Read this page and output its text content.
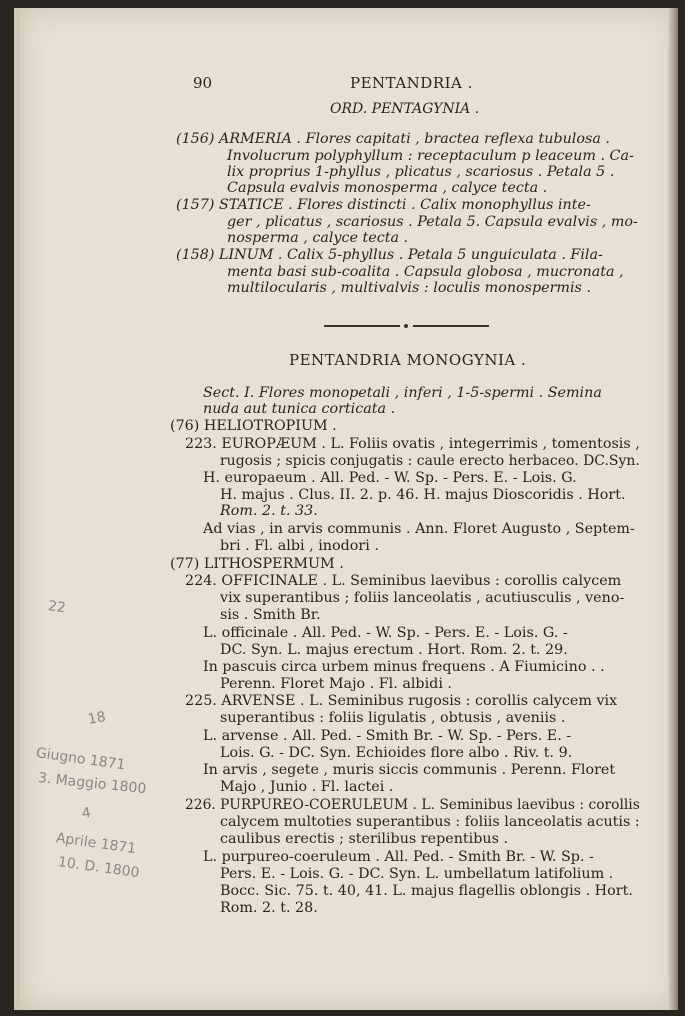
90	PENTANDRIA .
ORD. PENTAGYNIA .
(156) ARMERIA . Flores capitati , bractea reflexa tubulosa .
Involucrum polyphyllum : receptaculum p leaceum . Ca-
lix proprius 1-phyllus , plicatus , scariosus . Petala 5 .
Capsula evalvis monosperma , calyce tecta .
(157) STATICE . Flores distincti . Calix monophyllus inte-
ger , plicatus , scariosus . Petala 5. Capsula evalvis , mo-
nosperma , calyce tecta .
(158) LINUM . Calix 5-phyllus . Petala 5 unguiculata . Fila-
menta basi sub-coalita . Capsula globosa , mucronata ,
multilocularis , multivalvis : loculis monospermis .
PENTANDRIA MONOGYNIA .
Sect. I. Flores monopetali , inferi , 1-5-spermi . Semina
nuda aut tunica corticata .
(76) HELIOTROPIUM .
223. EUROPÆUM . L. Foliis ovatis , integerrimis , tomentosis ,
rugosis ; spicis conjugatis : caule erecto herbaceo. DC.Syn.
H. europaeum . All. Ped. - W. Sp. - Pers. E. - Lois. G.
H. majus . Clus. II. 2. p. 46. H. majus Dioscoridis . Hort.
Rom. 2. t. 33.
Ad vias , in arvis communis . Ann. Floret Augusto , Septem-
bri . Fl. albi , inodori .
(77) LITHOSPERMUM .
224. OFFICINALE . L. Seminibus laevibus : corollis calycem
vix superantibus ; foliis lanceolatis , acutiusculis , veno-
sis . Smith Br.
L. officinale . All. Ped. - W. Sp. - Pers. E. - Lois. G. -
DC. Syn. L. majus erectum . Hort. Rom. 2. t. 29.
In pascuis circa urbem minus frequens . A Fiumicino . .
Perenn. Floret Majo . Fl. albidi .
225. ARVENSE . L. Seminibus rugosis : corollis calycem vix
superantibus : foliis ligulatis , obtusis , aveniis .
L. arvense . All. Ped. - Smith Br. - W. Sp. - Pers. E. -
Lois. G. - DC. Syn. Echioides flore albo . Riv. t. 9.
In arvis , segete , muris siccis communis . Perenn. Floret
Majo , Junio . Fl. lactei .
226. PURPUREO-COERULEUM . L. Seminibus laevibus : corollis
calycem multoties superantibus : foliis lanceolatis acutis :
caulibus erectis ; sterilibus repentibus .
L. purpureo-coeruleum . All. Ped. - Smith Br. - W. Sp. -
Pers. E. - Lois. G. - DC. Syn. L. umbellatum latifolium .
Bocc. Sic. 75. t. 40, 41. L. majus flagellis oblongis . Hort.
Rom. 2. t. 28.
22
18
Giugno 1871
3. Maggio 1800
4
Aprile 1871
10. D. 1800
